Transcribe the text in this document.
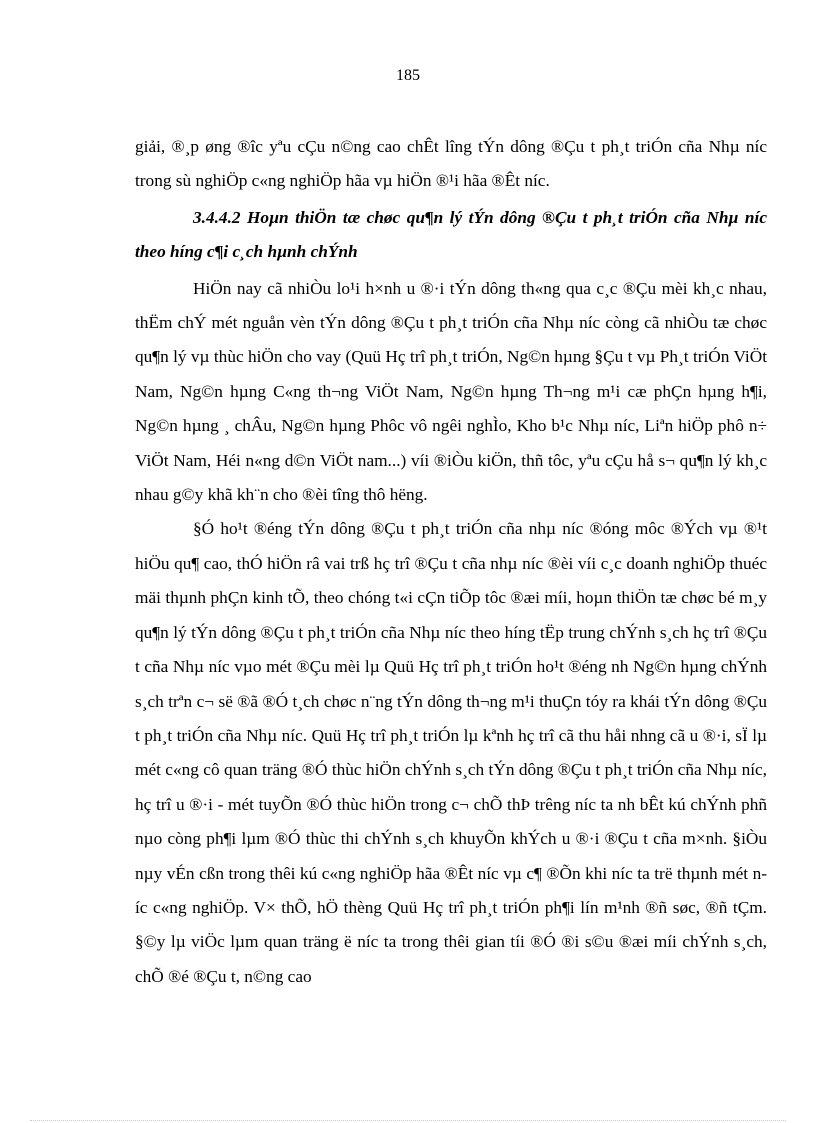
185

giải, ®¸p øng ®îc yªu cÇu n©ng cao chÊt lîng tÝn dông ®Çu t ph¸t triÓn cña Nhµ níc trong sù nghiÖp c«ng nghiÖp hãa vµ hiÖn ®¹i hãa ®Êt níc.

3.4.4.2 Hoµn thiÖn tæ chøc qu¶n lý tÝn dông ®Çu t ph¸t triÓn cña Nhµ níc theo híng c¶i c¸ch hµnh chÝnh

HiÖn nay cã nhiÒu lo¹i h×nh u ®·i tÝn dông th«ng qua c¸c ®Çu mèi kh¸c nhau, thËm chÝ mét nguån vèn tÝn dông ®Çu t ph¸t triÓn cña Nhµ níc còng cã nhiÒu tæ chøc qu¶n lý vµ thùc hiÖn cho vay (Quü Hç trî ph¸t triÓn, Ng©n hµng §Çu t vµ Ph¸t triÓn ViÖt Nam, Ng©n hµng C«ng th¬ng ViÖt Nam, Ng©n hµng Th¬ng m¹i cæ phÇn hµng h¶i, Ng©n hµng ¸ chÂu, Ng©n hµng Phôc vô ngêi nghÌo, Kho b¹c Nhµ níc, Liªn hiÖp phô n÷ ViÖt Nam, Héi n«ng d©n ViÖt nam...) víi ®iÒu kiÖn, thñ tôc, yªu cÇu hå s¬ qu¶n lý kh¸c nhau g©y khã kh¨n cho ®èi tîng thô hëng.

§Ó ho¹t ®éng tÝn dông ®Çu t ph¸t triÓn cña nhµ níc ®óng môc ®Ých vµ ®¹t hiÖu qu¶ cao, thÓ hiÖn râ vai trß hç trî ®Çu t cña nhµ níc ®èi víi c¸c doanh nghiÖp thuéc mäi thµnh phÇn kinh tÕ, theo chóng t«i cÇn tiÕp tôc ®æi míi, hoµn thiÖn tæ chøc bé m¸y qu¶n lý tÝn dông ®Çu t ph¸t triÓn cña Nhµ níc theo híng tËp trung chÝnh s¸ch hç trî ®Çu t cña Nhµ níc vµo mét ®Çu mèi lµ Quü Hç trî ph¸t triÓn ho¹t ®éng nh Ng©n hµng chÝnh s¸ch trªn c¬ së ®ã ®Ó t¸ch chøc n¨ng tÝn dông th¬ng m¹i thuÇn tóy ra khái tÝn dông ®Çu t ph¸t triÓn cña Nhµ níc. Quü Hç trî ph¸t triÓn lµ kªnh hç trî cã thu håi nhng cã u ®·i, sÏ lµ mét c«ng cô quan träng ®Ó thùc hiÖn chÝnh s¸ch tÝn dông ®Çu t ph¸t triÓn cña Nhµ níc, hç trî u ®·i - mét tuyÕn ®Ó thùc hiÖn trong c¬ chÕ thÞ trêng níc ta nh bÊt kú chÝnh phñ nµo còng ph¶i lµm ®Ó thùc thi chÝnh s¸ch khuyÕn khÝch u ®·i ®Çu t cña m×nh. §iÒu nµy vÉn cßn trong thêi kú c«ng nghiÖp hãa ®Êt níc vµ c¶ ®Õn khi níc ta trë thµnh mét níc c«ng nghiÖp. V× thÕ, hÖ thèng Quü Hç trî ph¸t triÓn ph¶i lín m¹nh ®ñ søc, ®ñ tÇm. §©y lµ viÖc lµm quan träng ë níc ta trong thêi gian tíi ®Ó ®i s©u ®æi míi chÝnh s¸ch, chÕ ®é ®Çu t, n©ng cao
